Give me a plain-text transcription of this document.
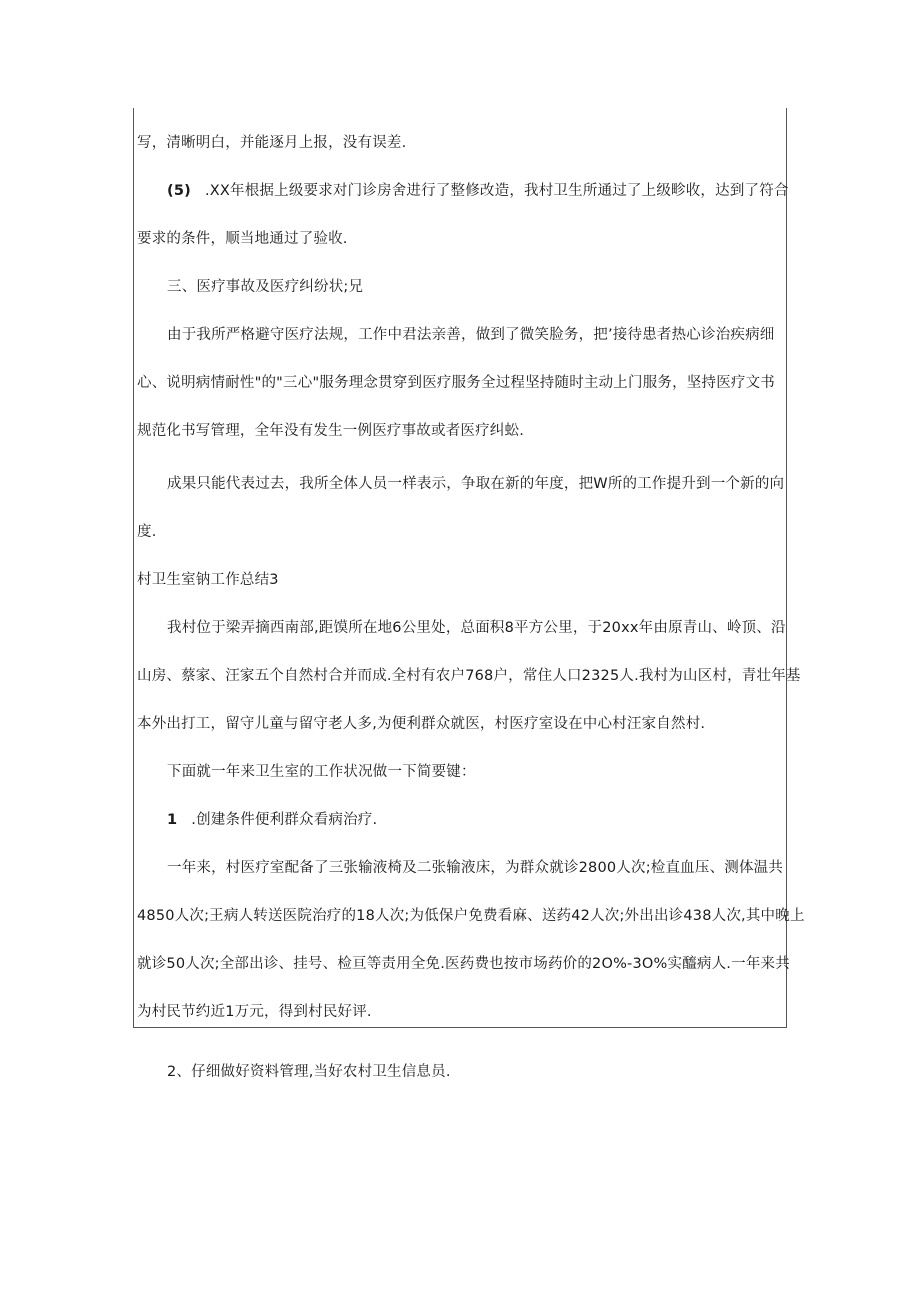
写，清晰明白，并能逐月上报，没有误差.
(5) .XX年根据上级要求对门诊房舍进行了整修改造，我村卫生所通过了上级畛收，达到了符合
要求的条件，顺当地通过了验收.
三、医疗事故及医疗纠纷状;兄
由于我所严格避守医疗法规，工作中君法亲善，做到了微笑脸务，把’接待患者热心诊治疾病细
心、说明病情耐性"的"三心"服务理念贯穿到医疗服务全过程坚持随时主动上门服务，坚持医疗文书
规范化书写管理，全年没有发生一例医疗事故或者医疗纠蚣.
成果只能代表过去，我所全体人员一样表示，争取在新的年度，把W所的工作提升到一个新的向
度.
村卫生室钠工作总结3
我村位于梁弄摘西南部,距馍所在地6公里处，总面积8平方公里，于20xx年由原青山、岭顶、沿
山房、蔡家、汪家五个自然村合并而成.全村有农户768户，常住人口2325人.我村为山区村，青壮年基
本外出打工，留守儿童与留守老人多,为便利群众就医，村医疗室设在中心村汪家自然村.
下面就一年来卫生室的工作状况做一下简要键：
1 .创建条件便利群众看病治疗.
一年来，村医疗室配备了三张输液椅及二张输液床，为群众就诊2800人次;检直血压、测体温共
4850人次;王病人转送医院治疗的18人次;为低保户免费看麻、送药42人次;外出出诊438人次,其中晚上
就诊50人次;全部出诊、挂号、检亘等责用全免.医药费也按市场药价的2O%-3O%实醯病人.一年来共
为村民节约近1万元，得到村民好评.
2、仔细做好资料管理,当好农村卫生信息员.
